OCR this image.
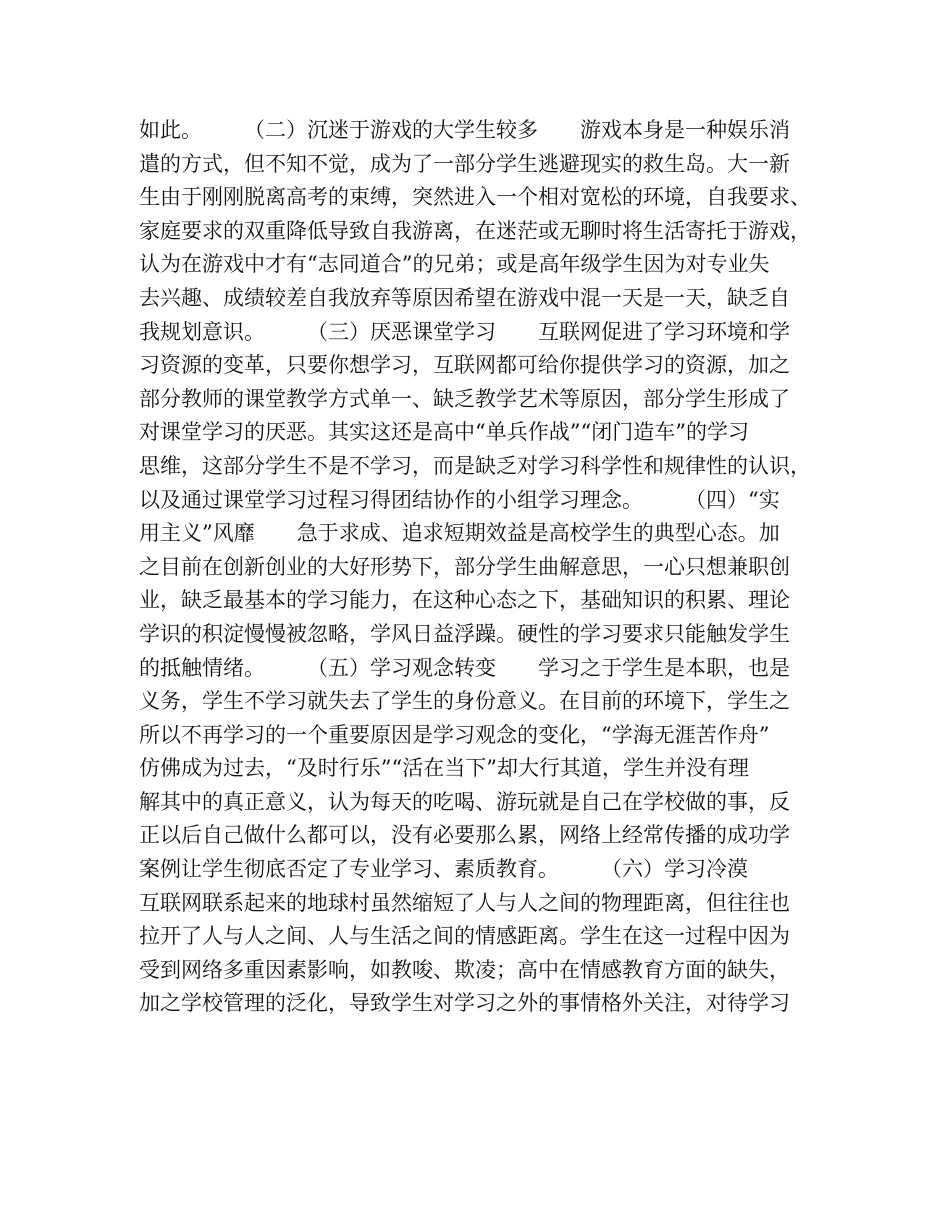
如此。　　　（二）沉迷于游戏的大学生较多　　游戏本身是一种娱乐消
遣的方式，但不知不觉，成为了一部分学生逃避现实的救生岛。大一新
生由于刚刚脱离高考的束缚，突然进入一个相对宽松的环境，自我要求、
家庭要求的双重降低导致自我游离，在迷茫或无聊时将生活寄托于游戏，
认为在游戏中才有“志同道合”的兄弟；或是高年级学生因为对专业失
去兴趣、成绩较差自我放弃等原因希望在游戏中混一天是一天，缺乏自
我规划意识。　　　（三）厌恶课堂学习　　互联网促进了学习环境和学
习资源的变革，只要你想学习，互联网都可给你提供学习的资源，加之
部分教师的课堂教学方式单一、缺乏教学艺术等原因，部分学生形成了
对课堂学习的厌恶。其实这还是高中“单兵作战”“闭门造车”的学习
思维，这部分学生不是不学习，而是缺乏对学习科学性和规律性的认识，
以及通过课堂学习过程习得团结协作的小组学习理念。　　　（四）“实
用主义”风靡　　急于求成、追求短期效益是高校学生的典型心态。加
之目前在创新创业的大好形势下，部分学生曲解意思，一心只想兼职创
业，缺乏最基本的学习能力，在这种心态之下，基础知识的积累、理论
学识的积淀慢慢被忽略，学风日益浮躁。硬性的学习要求只能触发学生
的抵触情绪。　　　（五）学习观念转变　　学习之于学生是本职，也是
义务，学生不学习就失去了学生的身份意义。在目前的环境下，学生之
所以不再学习的一个重要原因是学习观念的变化，“学海无涯苦作舟”
仿佛成为过去，“及时行乐”“活在当下”却大行其道，学生并没有理
解其中的真正意义，认为每天的吃喝、游玩就是自己在学校做的事，反
正以后自己做什么都可以，没有必要那么累，网络上经常传播的成功学
案例让学生彻底否定了专业学习、素质教育。　　　（六）学习冷漠
互联网联系起来的地球村虽然缩短了人与人之间的物理距离，但往往也
拉开了人与人之间、人与生活之间的情感距离。学生在这一过程中因为
受到网络多重因素影响，如教唆、欺凌；高中在情感教育方面的缺失，
加之学校管理的泛化，导致学生对学习之外的事情格外关注，对待学习
